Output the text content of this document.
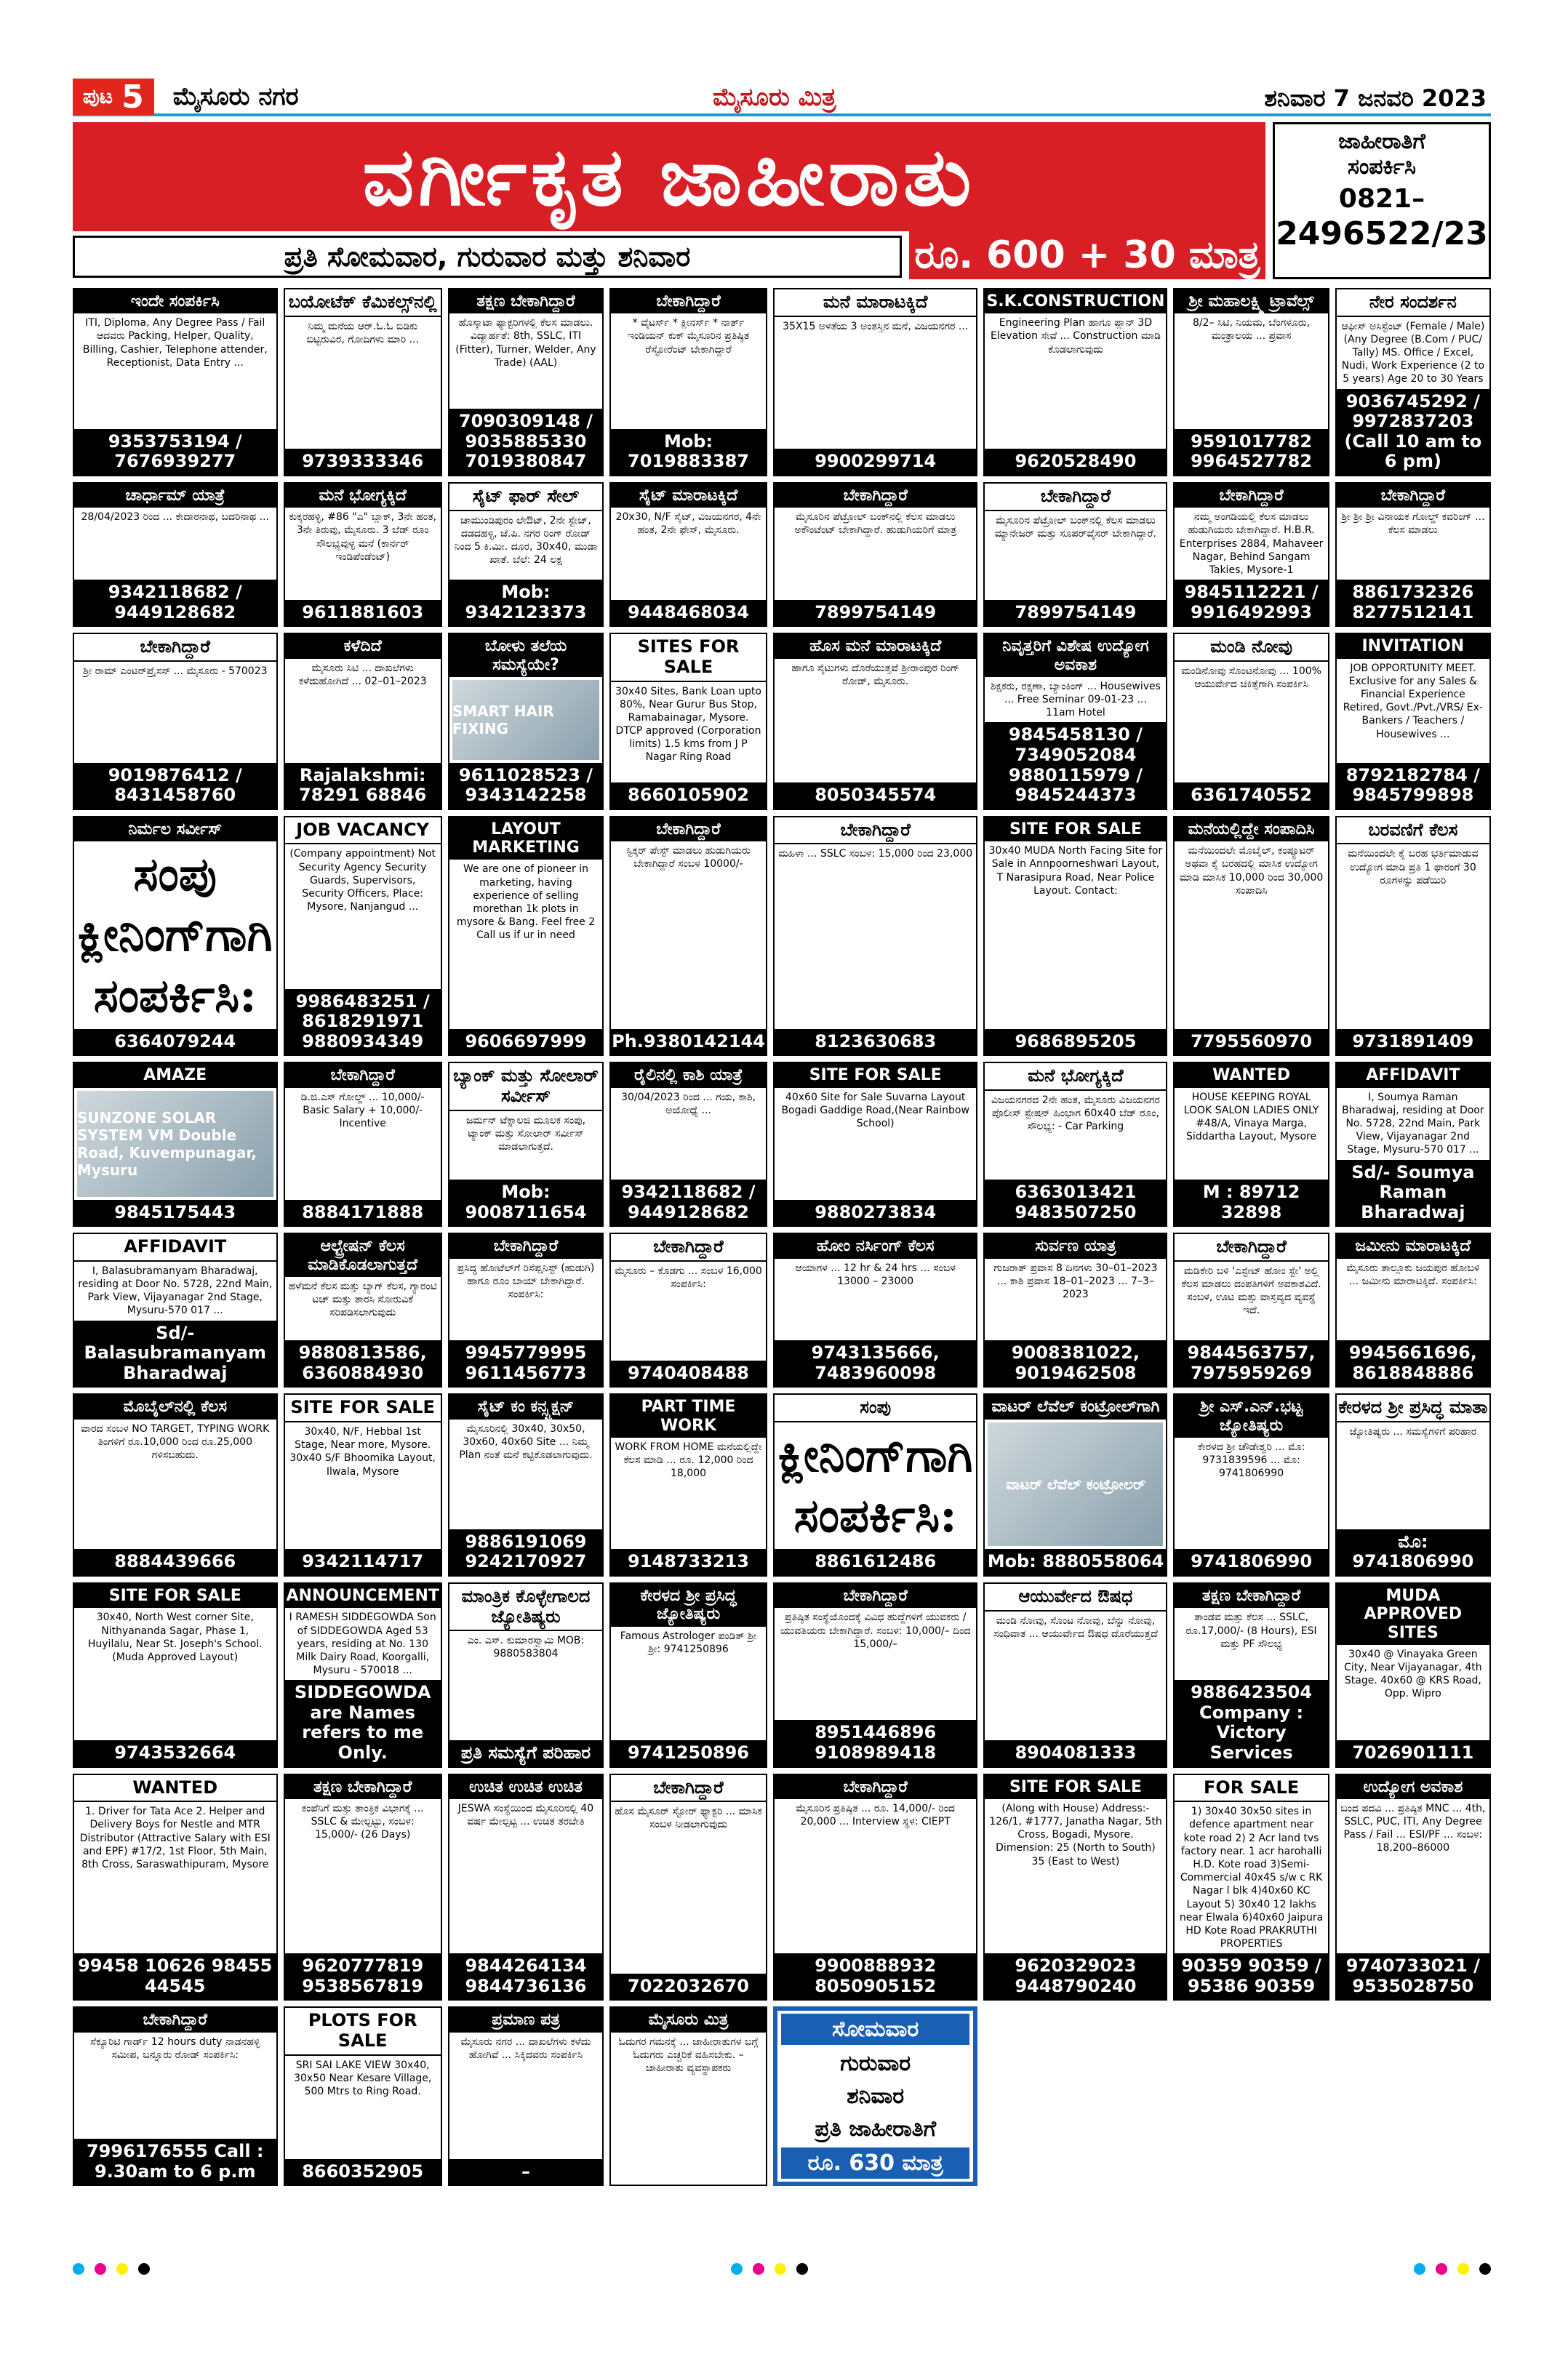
ಪುಟ 5 ಮೈಸೂರು ನಗರ	ಮೈಸೂರು ಮಿತ್ರ	ಶನಿವಾರ 7 ಜನವರಿ 2023
ವರ್ಗೀಕೃತ ಜಾಹೀರಾತು
ಪ್ರತಿ ಸೋಮವಾರ, ಗುರುವಾರ ಮತ್ತು ಶನಿವಾರ	ರೂ. 600 + 30 ಮಾತ್ರ
ಜಾಹೀರಾತಿಗೆ
ಸಂಪರ್ಕಿಸಿ
0821–
2496522/23
ಇಂದೇ ಸಂಪರ್ಕಿಸಿ
ITI, Diploma, Any Degree Pass / Fail ಆದವರು Packing, Helper, Quality, Billing, Cashier, Telephone attender, Receptionist, Data Entry ...
9353753194 / 7676939277
ಬಯೋಟೆಕ್ ಕೆಮಿಕಲ್ಸ್‌ನಲ್ಲಿ
ನಿಮ್ಮ ಮನೆಯ ಆರ್.ಓ.ಓ ಬಿಡಿಕು ಬಿಟ್ಟಿರುವಿರ, ಗೋದಿಗಳು ಮಾರಿ ...
9739333346
ತಕ್ಷಣ ಬೇಕಾಗಿದ್ದಾರೆ
ಹೊಸ್ಕಾಟಾ ಫ್ಯಾಕ್ಟರಿಗಳಲ್ಲಿ ಕೆಲಸ ಮಾಡಲು. ವಿದ್ಯಾರ್ಹತೆ: 8th, SSLC, ITI (Fitter), Turner, Welder, Any Trade) (AAL)
7090309148 / 9035885330 7019380847
ಬೇಕಾಗಿದ್ದಾರೆ
* ವೈಟರ್ಸ್ * ಕ್ಲೀನರ್ಸ್ * ನಾರ್ತ್ ಇಂಡಿಯನ್ ಕುಕ್ ಮೈಸೂರಿನ ಪ್ರತಿಷ್ಠಿತ ರೆಸ್ಟೋರೆಂಟ್ ಬೇಕಾಗಿದ್ದಾರೆ
Mob: 7019883387
ಮನೆ ಮಾರಾಟಕ್ಕಿದೆ
35X15 ಅಳತೆಯ 3 ಅಂತಸ್ತಿನ ಮನೆ, ವಿಜಯನಗರ ...
9900299714
S.K.CONSTRUCTION
Engineering Plan ಹಾಗೂ ಪ್ಲಾನ್ 3D Elevation ಸೇವೆ ... Construction ಮಾಡಿ ಕೊಡಲಾಗುವುದು
9620528490
ಶ್ರೀ ಮಹಾಲಕ್ಷ್ಮಿ ಟ್ರಾವೆಲ್ಸ್
8/2– ಸಿಟಿ, ನಿಯಮ, ಬೆಂಗಳೂರು, ಮಂತ್ರಾಲಯ ... ಪ್ರವಾಸ
9591017782 9964527782
ನೇರ ಸಂದರ್ಶನ
ಆಫೀಸ್ ಅಸಿಸ್ಟೆಂಟ್ (Female / Male) (Any Degree (B.Com / PUC/ Tally) MS. Office / Excel, Nudi, Work Experience (2 to 5 years) Age 20 to 30 Years
9036745292 / 9972837203 (Call 10 am to 6 pm)
ಚಾರ್ಧಾಮ್ ಯಾತ್ರೆ
28/04/2023 ರಿಂದ ... ಕೇದಾರನಾಥ, ಬದರಿನಾಥ ...
9342118682 / 9449128682
ಮನೆ ಭೋಗ್ಯಕ್ಕಿದೆ
ಕುಕ್ಕರಹಳ್ಳಿ, #86 "ಎ" ಬ್ಲಾಕ್, 3ನೇ ಹಂತ, 3ನೇ ತಿರುವು, ಮೈಸೂರು. 3 ಬೆಡ್ ರೂಂ ಸೌಲಭ್ಯವುಳ್ಳ ಮನೆ (ಕಾರ್ನರ್ ಇಂಡಿಪೆಂಡೆಂಟ್)
9611881603
ಸೈಟ್ ಫಾರ್ ಸೇಲ್
ಚಾಮುಂಡಿಪುರಂ ಲೇಔಟ್, 2ನೇ ಸ್ಟೇಜ್, ದಡದಹಳ್ಳಿ, ಜೆ.ಪಿ. ನಗರ ರಿಂಗ್ ರೋಡ್ ನಿಂದ 5 ಕಿ.ಮೀ. ದೂರ, 30x40, ಮುಡಾ ಖಾತೆ. ಬೆಲೆ: 24 ಲಕ್ಷ
Mob: 9342123373
ಸೈಟ್ ಮಾರಾಟಕ್ಕಿದೆ
20x30, N/F ಸೈಟ್, ವಿಜಯನಗರ, 4ನೇ ಹಂತ, 2ನೇ ಫೇಸ್, ಮೈಸೂರು.
9448468034
ಬೇಕಾಗಿದ್ದಾರೆ
ಮೈಸೂರಿನ ಪೆಟ್ರೋಲ್ ಬಂಕ್‌ನಲ್ಲಿ ಕೆಲಸ ಮಾಡಲು ಅಕೌಂಟೆಂಟ್ ಬೇಕಾಗಿದ್ದಾರೆ. ಹುಡುಗಿಯರಿಗೆ ಮಾತ್ರ
7899754149
ಬೇಕಾಗಿದ್ದಾರೆ
ಮೈಸೂರಿನ ಪೆಟ್ರೋಲ್ ಬಂಕ್‌ನಲ್ಲಿ ಕೆಲಸ ಮಾಡಲು ಮ್ಯಾನೇಜರ್ ಮತ್ತು ಸೂಪರ್‌ವೈಸರ್ ಬೇಕಾಗಿದ್ದಾರೆ.
7899754149
ಬೇಕಾಗಿದ್ದಾರೆ
ನಮ್ಮ ಅಂಗಡಿಯಲ್ಲಿ ಕೆಲಸ ಮಾಡಲು ಹುಡುಗಿಯರು ಬೇಕಾಗಿದ್ದಾರೆ. H.B.R. Enterprises 2884, Mahaveer Nagar, Behind Sangam Takies, Mysore-1
9845112221 / 9916492993
ಬೇಕಾಗಿದ್ದಾರೆ
ಶ್ರೀ ಶ್ರೀ ಶ್ರೀ ವಿನಾಯಕ ಗೋಲ್ಡ್ ಕವರಿಂಗ್ ... ಕೆಲಸ ಮಾಡಲು
8861732326 8277512141
ಬೇಕಾಗಿದ್ದಾರೆ
ಶ್ರೀ ರಾಮ್ ಎಂಟರ್‌ಪ್ರೈಸಸ್ ... ಮೈಸೂರು - 570023
9019876412 / 8431458760
ಕಳೆದಿದೆ
ಮೈಸೂರು ಸಿಟಿ ... ದಾಖಲೆಗಳು ಕಳೆದುಹೋಗಿದೆ ... 02–01–2023
Rajalakshmi: 78291 68846
ಬೋಳು ತಲೆಯ ಸಮಸ್ಯೆಯೇ?
SMART HAIR FIXING
9611028523 / 9343142258
SITES FOR SALE
30x40 Sites, Bank Loan upto 80%, Near Gurur Bus Stop, Ramabainagar, Mysore. DTCP approved (Corporation limits) 1.5 kms from J P Nagar Ring Road
8660105902
ಹೊಸ ಮನೆ ಮಾರಾಟಕ್ಕಿದೆ
ಹಾಗೂ ಸೈಟುಗಳು ದೊರೆಯುತ್ತವೆ ಶ್ರೀರಾಂಪುರ ರಿಂಗ್ ರೋಡ್, ಮೈಸೂರು.
8050345574
ನಿವೃತ್ತರಿಗೆ ವಿಶೇಷ ಉದ್ಯೋಗ ಅವಕಾಶ
ಶಿಕ್ಷಕರು, ರಕ್ಷಣಾ, ಬ್ಯಾಂಕಿಂಗ್ ... Housewives ... Free Seminar 09-01-23 ... 11am Hotel
9845458130 / 7349052084 9880115979 / 9845244373
ಮಂಡಿ ನೋವು
ಮಂಡಿನೋವು ಸೊಂಟನೋವು ... 100% ಆಯುರ್ವೇದ ಚಿಕಿತ್ಸೆಗಾಗಿ ಸಂಪರ್ಕಿಸಿ
6361740552
INVITATION
JOB OPPORTUNITY MEET. Exclusive for any Sales & Financial Experience Retired, Govt./Pvt./VRS/ Ex-Bankers / Teachers / Housewives ...
8792182784 / 9845799898
ನಿರ್ಮಲ ಸರ್ವೀಸ್
ಸಂಪು ಕ್ಲೀನಿಂಗ್‌ಗಾಗಿ ಸಂಪರ್ಕಿಸಿ:
6364079244
JOB VACANCY
(Company appointment) Not Security Agency Security Guards, Supervisors, Security Officers, Place: Mysore, Nanjangud ...
9986483251 / 8618291971 9880934349
LAYOUT MARKETING
We are one of pioneer in marketing, having experience of selling morethan 1k plots in mysore & Bang. Feel free 2 Call us if ur in need
9606697999
ಬೇಕಾಗಿದ್ದಾರೆ
ಸ್ಟಿಕ್ಕರ್ ಪೇಸ್ಟ್ ಮಾಡಲು ಹುಡುಗಿಯರು ಬೇಕಾಗಿದ್ದಾರೆ ಸಂಬಳ 10000/-
Ph.9380142144
ಬೇಕಾಗಿದ್ದಾರೆ
ಮಹಿಳಾ ... SSLC ಸಂಬಳ: 15,000 ರಿಂದ 23,000
8123630683
SITE FOR SALE
30x40 MUDA North Facing Site for Sale in Annpoorneshwari Layout, T Narasipura Road, Near Police Layout. Contact:
9686895205
ಮನೆಯಲ್ಲಿದ್ದೇ ಸಂಪಾದಿಸಿ
ಮನೆಯಿಂದಲೇ ಮೊಬೈಲ್, ಕಂಪ್ಯೂಟರ್ ಅಥವಾ ಕೈ ಬರಹದಲ್ಲಿ ಮಾಸಿಕ ಉದ್ಯೋಗ ಮಾಡಿ ಮಾಸಿಕ 10,000 ರಿಂದ 30,000 ಸಂಪಾದಿಸಿ
7795560970
ಬರವಣಿಗೆ ಕೆಲಸ
ಮನೆಯಿಂದಲೇ ಕೈ ಬರಹ ಭರ್ತಿಮಾಡುವ ಉದ್ಯೋಗ ಮಾಡಿ ಪ್ರತಿ 1 ಫಾರಂಗೆ 30 ರೂಗಳನ್ನು ಪಡೆಯಿರಿ
9731891409
AMAZE
SUNZONE SOLAR SYSTEM VM Double Road, Kuvempunagar, Mysuru
9845175443
ಬೇಕಾಗಿದ್ದಾರೆ
ಡಿ.ಜಿ.ಎಸ್ ಗೋಲ್ಡ್ ... 10,000/- Basic Salary + 10,000/- Incentive
8884171888
ಬ್ಯಾಂಕ್ ಮತ್ತು ಸೋಲಾರ್ ಸರ್ವೀಸ್
ಜರ್ಮನ್ ಟೆಕ್ನಾಲಜಿ ಮೂಲಕ ಸಂಪು, ಟ್ಯಾಂಕ್ ಮತ್ತು ಸೋಲಾರ್ ಸರ್ವೀಸ್ ಮಾಡಲಾಗುತ್ತದೆ.
Mob: 9008711654
ರೈಲಿನಲ್ಲಿ ಕಾಶಿ ಯಾತ್ರೆ
30/04/2023 ರಿಂದ ... ಗಯ, ಕಾಶಿ, ಅಯೋಧ್ಯೆ ...
9342118682 / 9449128682
SITE FOR SALE
40x60 Site for Sale Suvarna Layout Bogadi Gaddige Road,(Near Rainbow School)
9880273834
ಮನೆ ಭೋಗ್ಯಕ್ಕಿದೆ
ವಿಜಯನಗರದ 2ನೇ ಹಂತ, ಮೈಸೂರು ವಿಜಯನಗರ ಪೊಲೀಸ್ ಸ್ಟೇಷನ್ ಹಿಂಭಾಗ 60x40 ಬೆಡ್ ರೂಂ, ಸೌಲಭ್ಯ: - Car Parking
6363013421 9483507250
WANTED
HOUSE KEEPING ROYAL LOOK SALON LADIES ONLY #48/A, Vinaya Marga, Siddartha Layout, Mysore
M : 89712 32898
AFFIDAVIT
I, Soumya Raman Bharadwaj, residing at Door No. 5728, 22nd Main, Park View, Vijayanagar 2nd Stage, Mysuru-570 017 ...
Sd/- Soumya Raman Bharadwaj
AFFIDAVIT
I, Balasubramanyam Bharadwaj, residing at Door No. 5728, 22nd Main, Park View, Vijayanagar 2nd Stage, Mysuru-570 017 ...
Sd/- Balasubramanyam Bharadwaj
ಆಲ್ಟ್ರೇಷನ್ ಕೆಲಸ ಮಾಡಿಕೊಡಲಾಗುತ್ತದೆ
ಹಳೆಮನೆ ಕೆಲಸ ಮತ್ತು ಬ್ಯಾಗ್ ಕೆಲಸ, ಗ್ಯಾರಂಟಿ ಟಚ್ ಮತ್ತು ತಾರಸಿ ಸೋರುವಿಕೆ ಸರಿಪಡಿಸಲಾಗುವುದು
9880813586, 6360884930
ಬೇಕಾಗಿದ್ದಾರೆ
ಪ್ರಸಿದ್ಧ ಹೋಟೆಲ್‌ಗೆ ರಿಸೆಪ್ಷನಿಸ್ಟ್ (ಹುಡುಗಿ) ಹಾಗೂ ರೂಂ ಬಾಯ್ ಬೇಕಾಗಿದ್ದಾರೆ. ಸಂಪರ್ಕಿಸಿ:
9945779995 9611456773
ಬೇಕಾಗಿದ್ದಾರೆ
ಮೈಸೂರು – ಕೊಡಗು ... ಸಂಬಳ 16,000 ಸಂಪರ್ಕಿಸಿ:
9740408488
ಹೋಂ ನರ್ಸಿಂಗ್ ಕೆಲಸ
ಆಯಾಗಳ ... 12 hr & 24 hrs ... ಸಂಬಳ 13000 – 23000
9743135666, 7483960098
ಸುರ್ವಣ ಯಾತ್ರ
ಗುಜರಾತ್ ಪ್ರವಾಸ 8 ದಿನಗಳು 30–01–2023 ... ಕಾಶಿ ಪ್ರವಾಸ 18–01–2023 ... 7–3–2023
9008381022, 9019462508
ಬೇಕಾಗಿದ್ದಾರೆ
ಮಡಿಕೇರಿ ಬಳಿ 'ಎಸ್ಟೇಟ್ ಹೋಂ ಸ್ಟೇ' ಅಲ್ಲಿ ಕೆಲಸ ಮಾಡಲು ದಂಪತಿಗಳಿಗೆ ಅವಕಾಶವಿದೆ. ಸಂಬಳ, ಊಟ ಮತ್ತು ವಾಸ್ತವ್ಯದ ವ್ಯವಸ್ಥೆ ಇದೆ.
9844563757, 7975959269
ಜಮೀನು ಮಾರಾಟಕ್ಕಿದೆ
ಮೈಸೂರು ತಾಲ್ಲೂಕು ಜಯಪುರ ಹೋಬಳಿ ... ಜಮೀನು ಮಾರಾಟಕ್ಕಿದೆ. ಸಂಪರ್ಕಿಸಿ:
9945661696, 8618848886
ಮೊಬೈಲ್‌ನಲ್ಲಿ ಕೆಲಸ
ವಾರದ ಸಂಬಳ NO TARGET, TYPING WORK ತಿಂಗಳಿಗೆ ರೂ.10,000 ರಿಂದ ರೂ.25,000 ಗಳಿಸಬಹುದು.
8884439666
SITE FOR SALE
30x40, N/F, Hebbal 1st Stage, Near more, Mysore. 30x40 S/F Bhoomika Layout, Ilwala, Mysore
9342114717
ಸೈಟ್ ಕಂ ಕನ್ಸ್ಟ್ರಕ್ಷನ್
ಮೈಸೂರಿನಲ್ಲಿ 30x40, 30x50, 30x60, 40x60 Site ... ನಿಮ್ಮ Plan ನಂತೆ ಮನೆ ಕಟ್ಟಿಕೊಡಲಾಗುವುದು.
9886191069 9242170927
PART TIME WORK
WORK FROM HOME ಮನೆಯಲ್ಲಿದ್ದೇ ಕೆಲಸ ಮಾಡಿ ... ರೂ. 12,000 ರಿಂದ 18,000
9148733213
ಸಂಪು
ಕ್ಲೀನಿಂಗ್‌ಗಾಗಿ ಸಂಪರ್ಕಿಸಿ:
8861612486
ವಾಟರ್ ಲೆವೆಲ್ ಕಂಟ್ರೋಲ್‌ಗಾಗಿ
ವಾಟರ್ ಲೆವೆಲ್ ಕಂಟ್ರೋಲರ್
Mob: 8880558064
ಶ್ರೀ ಎಸ್.ಎನ್.ಭಟ್ಟ ಜ್ಯೋತಿಷ್ಯರು
ಕೇರಳದ ಶ್ರೀ ಚೌಡೇಶ್ವರಿ ... ಮೊ: 9731839596 ... ಮೊ: 9741806990
9741806990
ಕೇರಳದ ಶ್ರೀ ಪ್ರಸಿದ್ಧ ಮಾತಾ
ಜ್ಯೋತಿಷ್ಯರು ... ಸಮಸ್ಯೆಗಳಿಗೆ ಪರಿಹಾರ
ಮೊ: 9741806990
SITE FOR SALE
30x40, North West corner Site, Nithyananda Sagar, Phase 1, Huyilalu, Near St. Joseph's School. (Muda Approved Layout)
9743532664
ANNOUNCEMENT
I RAMESH SIDDEGOWDA Son of SIDDEGOWDA Aged 53 years, residing at No. 130 Milk Dairy Road, Koorgalli, Mysuru - 570018 ...
SIDDEGOWDA are Names refers to me Only.
ಮಾಂತ್ರಿಕ ಕೊಳ್ಳೇಗಾಲದ ಜ್ಯೋತಿಷ್ಯರು
ಎಂ. ಎಸ್. ಕುಮಾರಸ್ವಾಮಿ MOB: 9880583804
ಪ್ರತಿ ಸಮಸ್ಯೆಗೆ ಪರಿಹಾರ
ಕೇರಳದ ಶ್ರೀ ಪ್ರಸಿದ್ಧ ಜ್ಯೋತಿಷ್ಯರು
Famous Astrologer ಪಂಡಿತ್ ಶ್ರೀ ಶ್ರೀ: 9741250896
9741250896
ಬೇಕಾಗಿದ್ದಾರೆ
ಪ್ರತಿಷ್ಠಿತ ಸಂಸ್ಥೆಯೊಂದಕ್ಕೆ ವಿವಿಧ ಹುದ್ದೆಗಳಿಗೆ ಯುವಕರು / ಯುವತಿಯರು ಬೇಕಾಗಿದ್ದಾರೆ. ಸಂಬಳ: 10,000/– ದಿಂದ 15,000/–
8951446896 9108989418
ಆಯುರ್ವೇದ ಔಷಧ
ಮಂಡಿ ನೋವು, ಸೊಂಟ ನೋವು, ಬೆನ್ನು ನೋವು, ಸಂಧಿವಾತ ... ಆಯುರ್ವೇದ ಔಷಧ ದೊರೆಯುತ್ತದೆ
8904081333
ತಕ್ಷಣ ಬೇಕಾಗಿದ್ದಾರೆ
ತಾಂಡವ ಮತ್ತು ಕೆಲಸ ... SSLC, ರೂ.17,000/- (8 Hours), ESI ಮತ್ತು PF ಸೌಲಭ್ಯ
9886423504 Company : Victory Services
MUDA APPROVED SITES
30x40 @ Vinayaka Green City, Near Vijayanagar, 4th Stage. 40x60 @ KRS Road, Opp. Wipro
7026901111
WANTED
1. Driver for Tata Ace 2. Helper and Delivery Boys for Nestle and MTR Distributor (Attractive Salary with ESI and EPF) #17/2, 1st Floor, 5th Main, 8th Cross, Saraswathipuram, Mysore
99458 10626 98455 44545
ತಕ್ಷಣ ಬೇಕಾಗಿದ್ದಾರೆ
ಕಂಪೆನಿಗೆ ಮತ್ತು ತಾಂತ್ರಿಕ ವಿಭಾಗಕ್ಕೆ ... SSLC & ಮೇಲ್ಪಟ್ಟು, ಸಂಬಳ: 15,000/- (26 Days)
9620777819 9538567819
ಉಚಿತ ಉಚಿತ ಉಚಿತ
JESWA ಸಂಸ್ಥೆಯಿಂದ ಮೈಸೂರಿನಲ್ಲಿ 40 ವರ್ಷ ಮೇಲ್ಪಟ್ಟ ... ಉಚಿತ ತರಬೇತಿ
9844264134 9844736136
ಬೇಕಾಗಿದ್ದಾರೆ
ಹೊಸ ಮೈಸೂರ್ ಸ್ಟೋರ್ ಫ್ಯಾಕ್ಟರಿ ... ಮಾಸಿಕ ಸಂಬಳ ನೀಡಲಾಗುವುದು
7022032670
ಬೇಕಾಗಿದ್ದಾರೆ
ಮೈಸೂರಿನ ಪ್ರತಿಷ್ಠಿತ ... ರೂ. 14,000/- ರಿಂದ 20,000 ... Interview ಸ್ಥಳ: CIEPT
9900888932 8050905152
SITE FOR SALE
(Along with House) Address:- 126/1, #1777, Janatha Nagar, 5th Cross, Bogadi, Mysore. Dimension: 25 (North to South) 35 (East to West)
9620329023 9448790240
FOR SALE
1) 30x40 30x50 sites in defence apartment near kote road 2) 2 Acr land tvs factory near. 1 acr harohalli H.D. Kote road 3)Semi-Commercial 40x45 s/w c RK Nagar l blk 4)40x60 KC Layout 5) 30x40 12 lakhs near Elwala 6)40x60 Jaipura HD Kote Road PRAKRUTHI PROPERTIES
90359 90359 / 95386 90359
ಉದ್ಯೋಗ ಅವಕಾಶ
ಬಂದ ಪದವಿ ... ಪ್ರತಿಷ್ಠಿತ MNC ... 4th, SSLC, PUC, ITI, Any Degree Pass / Fail ... ESI/PF ... ಸಂಬಳ: 18,200–86000
9740733021 / 9535028750
ಬೇಕಾಗಿದ್ದಾರೆ
ಸೆಕ್ಯೂರಿಟಿ ಗಾರ್ಡ್ 12 hours duty ನಾಡನಹಳ್ಳಿ ಸಮೀಪ, ಬನ್ನೂರು ರೋಡ್ ಸಂಪರ್ಕಿಸಿ:
7996176555 Call : 9.30am to 6 p.m
PLOTS FOR SALE
SRI SAI LAKE VIEW 30x40, 30x50 Near Kesare Village, 500 Mtrs to Ring Road.
8660352905
ಪ್ರಮಾಣ ಪತ್ರ
ಮೈಸೂರು ನಗರ ... ದಾಖಲೆಗಳು ಕಳೆದು ಹೋಗಿವೆ ... ಸಿಕ್ಕಿದವರು ಸಂಪರ್ಕಿಸಿ
–
ಮೈಸೂರು ಮಿತ್ರ
ಓದುಗರ ಗಮನಕ್ಕೆ ... ಜಾಹೀರಾತುಗಳ ಬಗ್ಗೆ ಓದುಗರು ಎಚ್ಚರಿಕೆ ವಹಿಸಬೇಕು. –ಜಾಹೀರಾತು ವ್ಯವಸ್ಥಾಪಕರು
ಸೋಮವಾರ
ಗುರುವಾರ
ಶನಿವಾರ
ಪ್ರತಿ ಜಾಹೀರಾತಿಗೆ
ರೂ. 630 ಮಾತ್ರ
